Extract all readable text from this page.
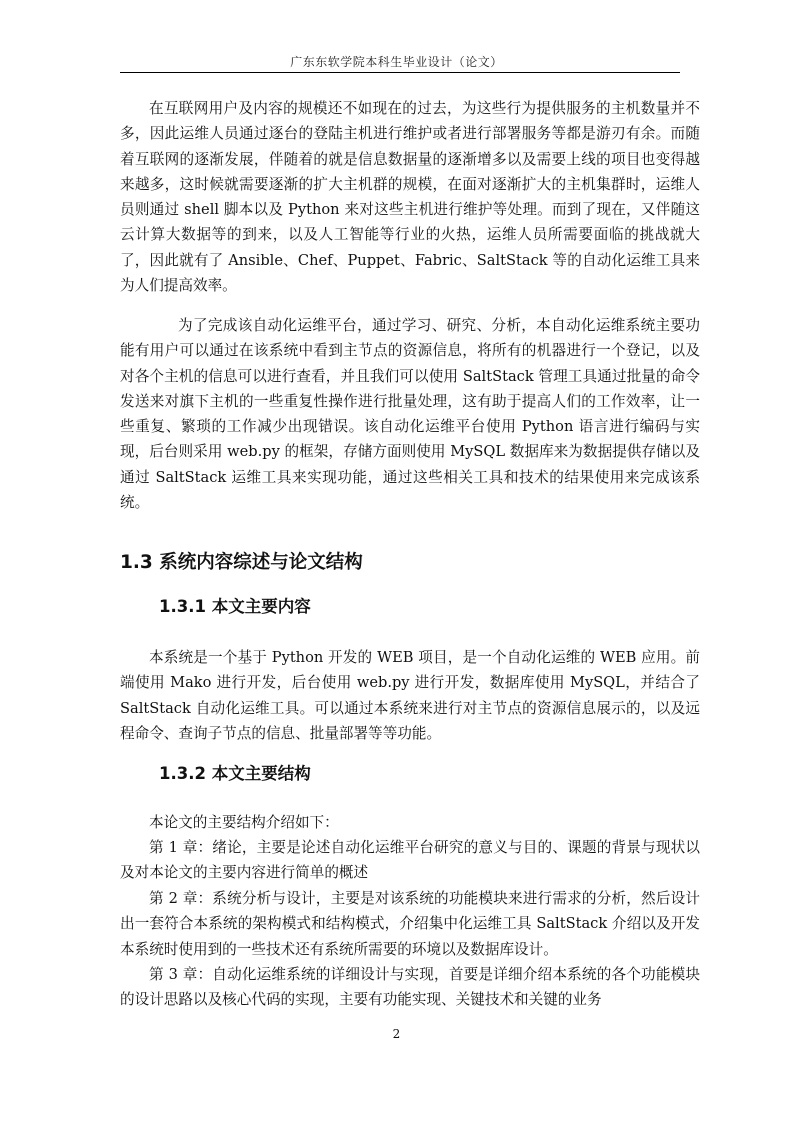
广东东软学院本科生毕业设计（论文）

在互联网用户及内容的规模还不如现在的过去，为这些行为提供服务的主机数量并不多，因此运维人员通过逐台的登陆主机进行维护或者进行部署服务等都是游刃有余。而随着互联网的逐渐发展，伴随着的就是信息数据量的逐渐增多以及需要上线的项目也变得越来越多，这时候就需要逐渐的扩大主机群的规模，在面对逐渐扩大的主机集群时，运维人员则通过 shell 脚本以及 Python 来对这些主机进行维护等处理。而到了现在，又伴随这云计算大数据等的到来，以及人工智能等行业的火热，运维人员所需要面临的挑战就大了，因此就有了 Ansible、Chef、Puppet、Fabric、SaltStack 等的自动化运维工具来为人们提高效率。

为了完成该自动化运维平台，通过学习、研究、分析，本自动化运维系统主要功能有用户可以通过在该系统中看到主节点的资源信息，将所有的机器进行一个登记，以及对各个主机的信息可以进行查看，并且我们可以使用 SaltStack 管理工具通过批量的命令发送来对旗下主机的一些重复性操作进行批量处理，这有助于提高人们的工作效率，让一些重复、繁琐的工作减少出现错误。该自动化运维平台使用 Python 语言进行编码与实现，后台则采用 web.py 的框架，存储方面则使用 MySQL 数据库来为数据提供存储以及通过 SaltStack 运维工具来实现功能，通过这些相关工具和技术的结果使用来完成该系统。

1.3 系统内容综述与论文结构
1.3.1 本文主要内容

本系统是一个基于 Python 开发的 WEB 项目，是一个自动化运维的 WEB 应用。前端使用 Mako 进行开发，后台使用 web.py 进行开发，数据库使用 MySQL，并结合了 SaltStack 自动化运维工具。可以通过本系统来进行对主节点的资源信息展示的，以及远程命令、查询子节点的信息、批量部署等等功能。

1.3.2 本文主要结构

本论文的主要结构介绍如下：

第 1 章：绪论，主要是论述自动化运维平台研究的意义与目的、课题的背景与现状以及对本论文的主要内容进行简单的概述

第 2 章：系统分析与设计，主要是对该系统的功能模块来进行需求的分析，然后设计出一套符合本系统的架构模式和结构模式，介绍集中化运维工具 SaltStack 介绍以及开发本系统时使用到的一些技术还有系统所需要的环境以及数据库设计。

第 3 章：自动化运维系统的详细设计与实现，首要是详细介绍本系统的各个功能模块 的设计思路以及核心代码的实现，主要有功能实现、关键技术和关键的业务

2
